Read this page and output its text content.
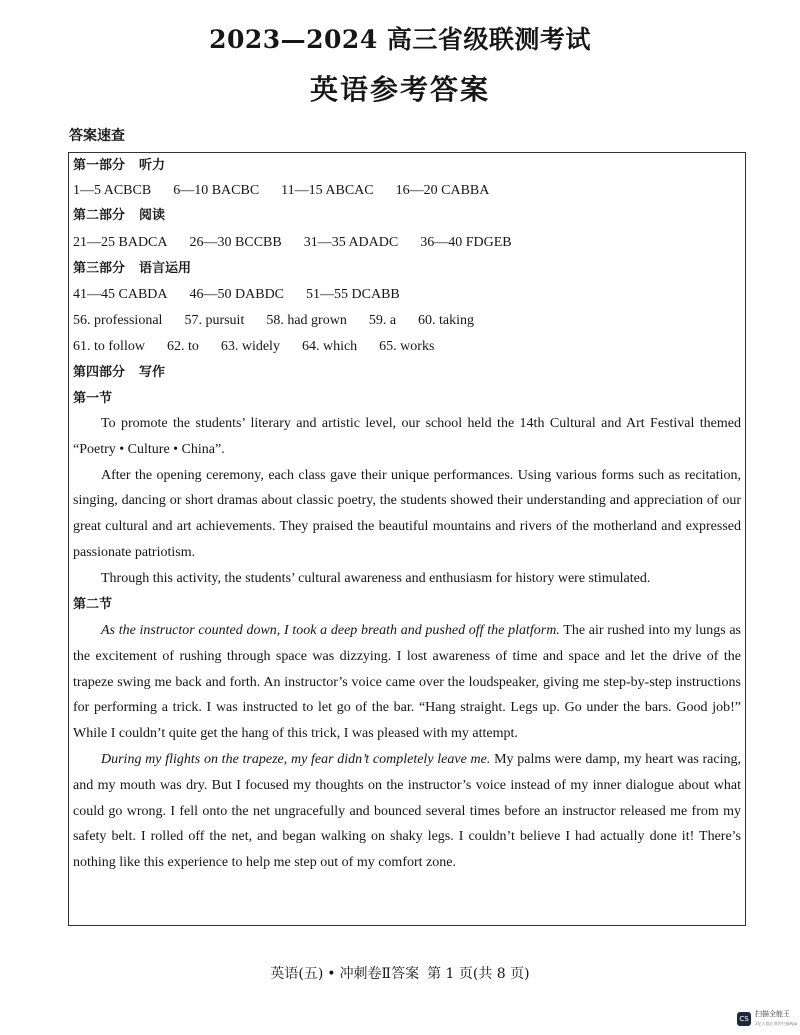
2023—2024 高三省级联测考试
英语参考答案
答案速查
第一部分 听力
1—5 ACBCB 6—10 BACBC 11—15 ABCAC 16—20 CABBA
第二部分 阅读
21—25 BADCA 26—30 BCCBB 31—35 ADADC 36—40 FDGEB
第三部分 语言运用
41—45 CABDA 46—50 DABDC 51—55 DCABB
56. professional 57. pursuit 58. had grown 59. a 60. taking
61. to follow 62. to 63. widely 64. which 65. works
第四部分 写作
第一节

To promote the students’ literary and artistic level, our school held the 14th Cultural and Art Festival themed “Poetry • Culture • China”.

After the opening ceremony, each class gave their unique performances. Using various forms such as recitation, singing, dancing or short dramas about classic poetry, the students showed their understanding and appreciation of our great cultural and art achievements. They praised the beautiful mountains and rivers of the motherland and expressed passionate patriotism.

Through this activity, the students’ cultural awareness and enthusiasm for history were stimulated.

第二节

As the instructor counted down, I took a deep breath and pushed off the platform. The air rushed into my lungs as the excitement of rushing through space was dizzying. I lost awareness of time and space and let the drive of the trapeze swing me back and forth. An instructor’s voice came over the loudspeaker, giving me step-by-step instructions for performing a trick. I was instructed to let go of the bar. “Hang straight. Legs up. Go under the bars. Good job!” While I couldn’t quite get the hang of this trick, I was pleased with my attempt.

During my flights on the trapeze, my fear didn’t completely leave me. My palms were damp, my heart was racing, and my mouth was dry. But I focused my thoughts on the instructor’s voice instead of my inner dialogue about what could go wrong. I fell onto the net ungracefully and bounced several times before an instructor released me from my safety belt. I rolled off the net, and began walking on shaky legs. I couldn’t believe I had actually done it! There’s nothing like this experience to help me step out of my comfort zone.

英语(五) • 冲刺卷Ⅱ答案 第 1 页(共 8 页)
CS
扫描全能王
3亿人都在用的扫描App
